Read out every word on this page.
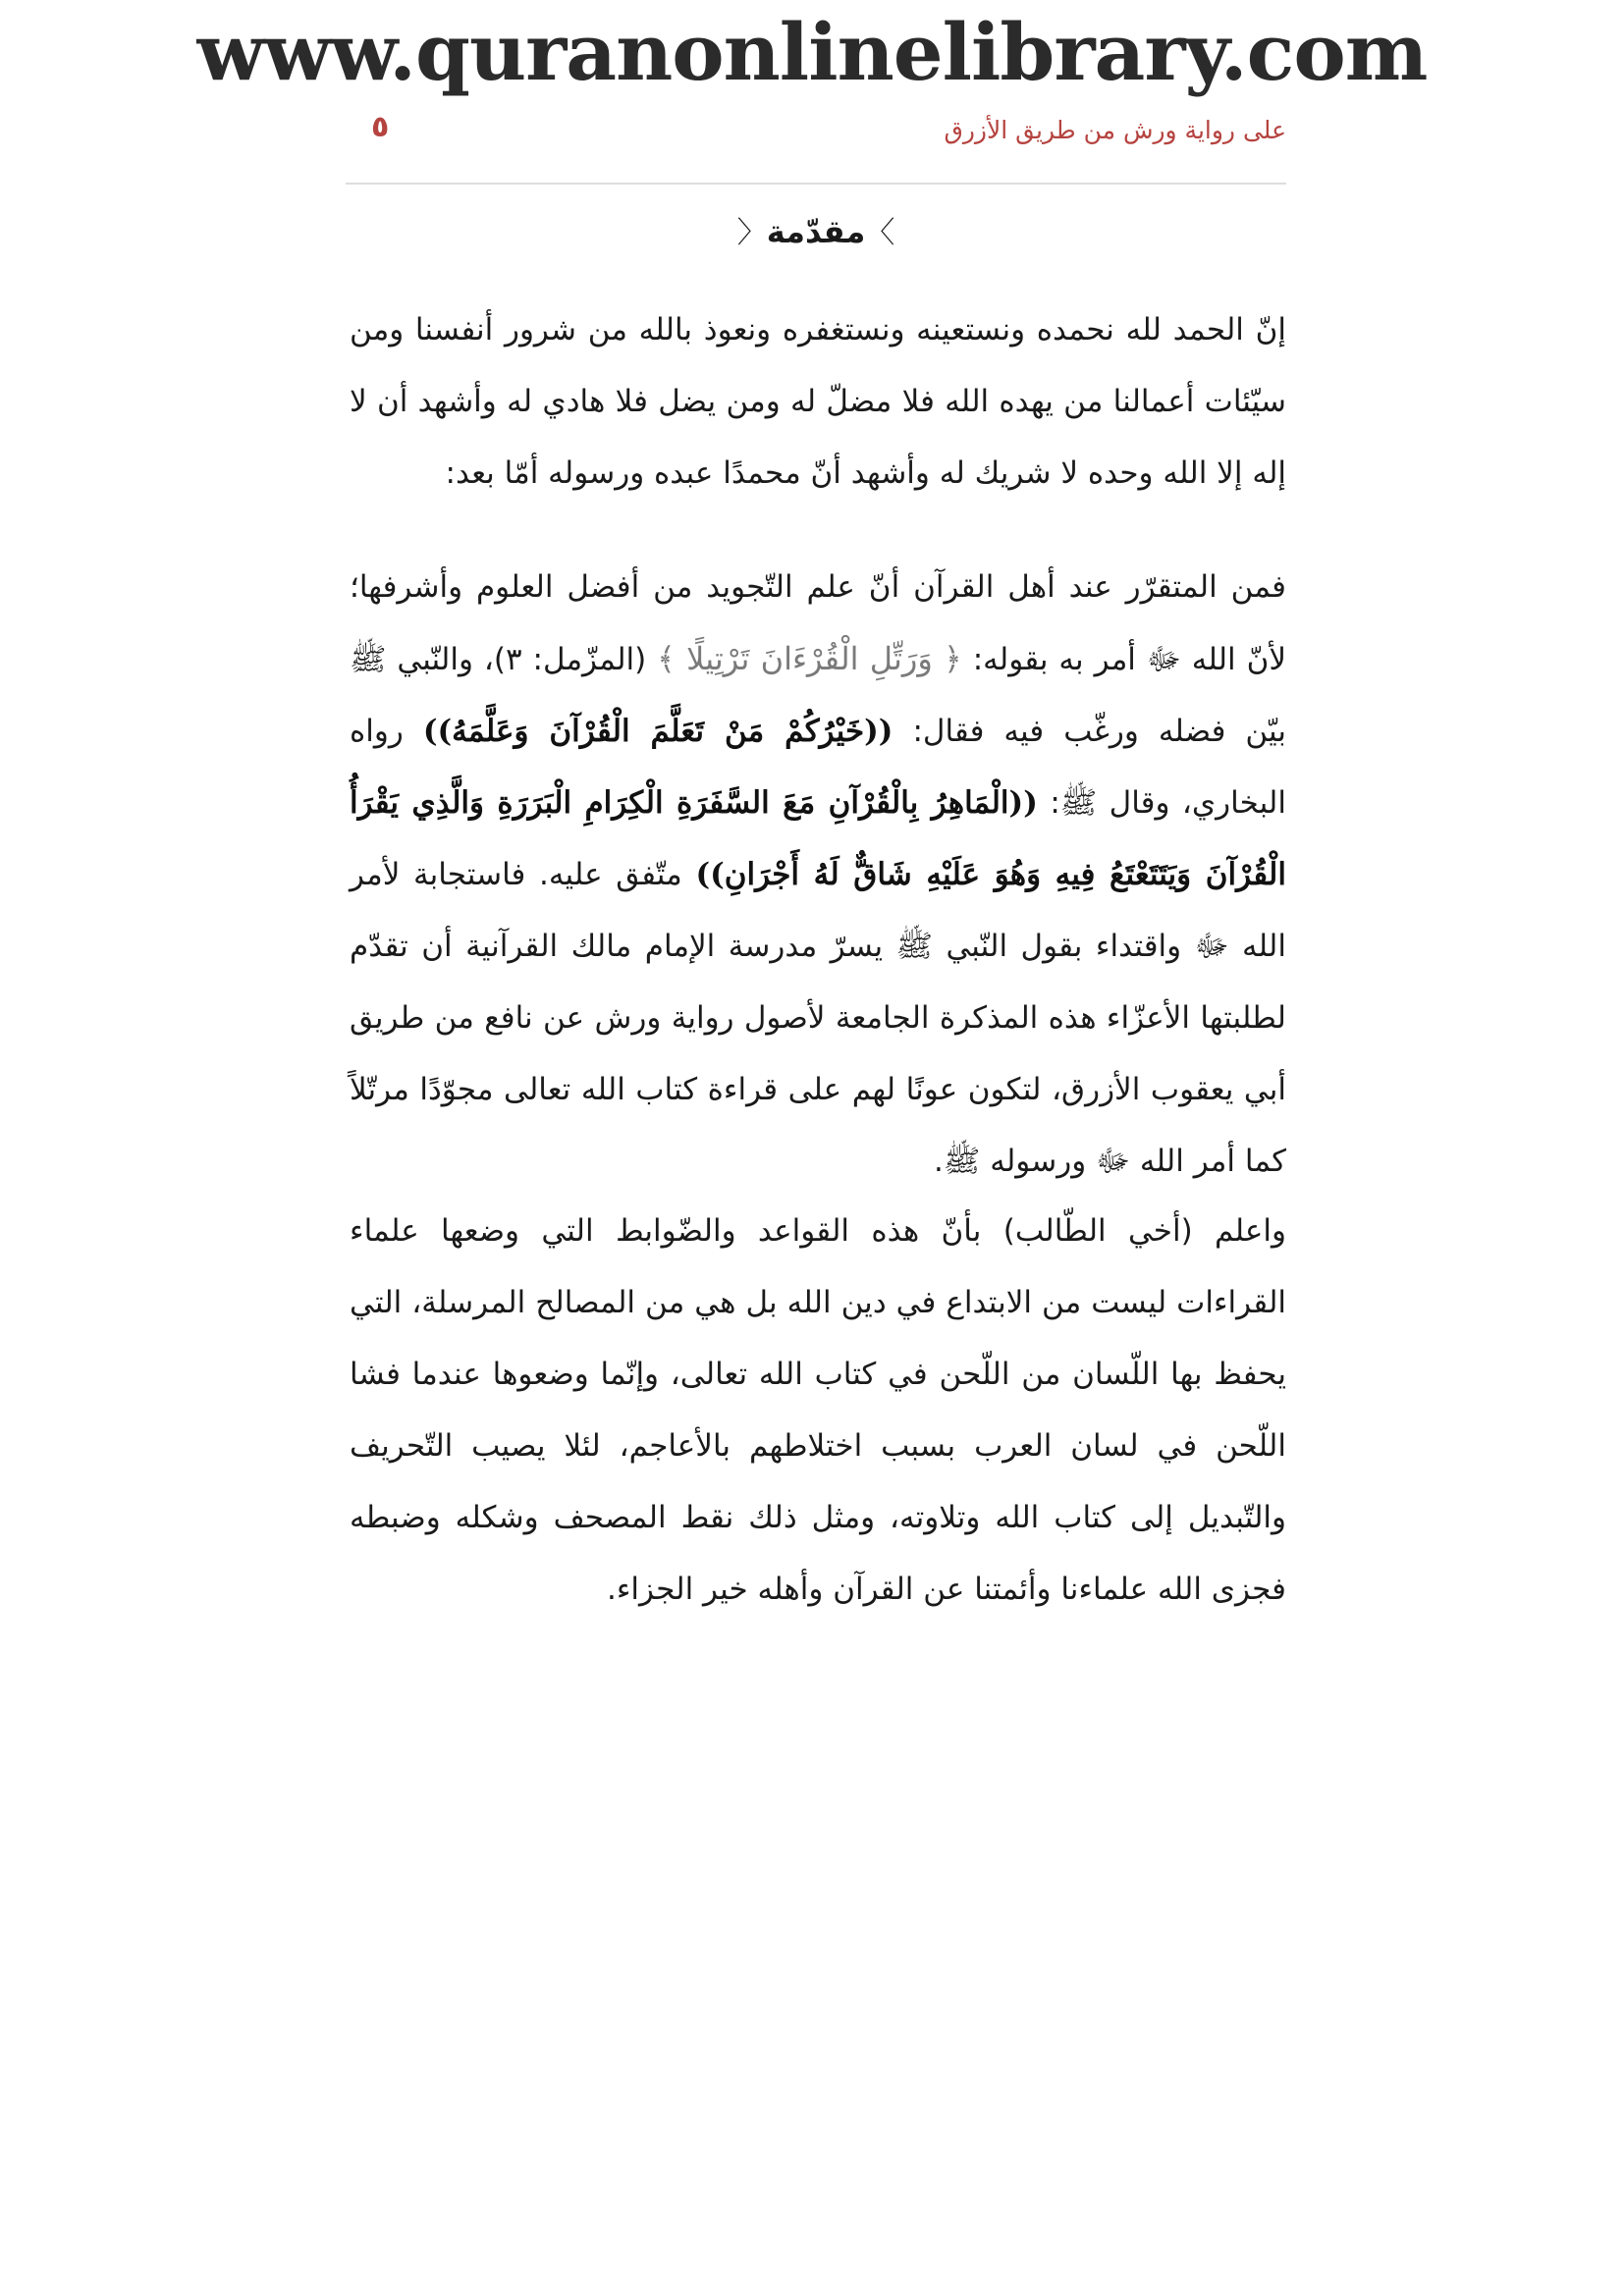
www.quranonlinelibrary.com
على رواية ورش من طريق الأزرق
٥
〉مقدّمة〈
إنّ الحمد لله نحمده ونستعينه ونستغفره ونعوذ بالله من شرور أنفسنا ومن سيّئات أعمالنا من يهده الله فلا مضلّ له ومن يضل فلا هادي له وأشهد أن لا إله إلا الله وحده لا شريك له وأشهد أنّ محمدًا عبده ورسوله أمّا بعد:
فمن المتقرّر عند أهل القرآن أنّ علم التّجويد من أفضل العلوم وأشرفها؛ لأنّ الله ﷻ أمر به بقوله: ﴿ وَرَتِّلِ الْقُرْءَانَ تَرْتِيلًا ﴾ (المزّمل: ٣)، والنّبي ﷺ بيّن فضله ورغّب فيه فقال: ((خَيْرُكُمْ مَنْ تَعَلَّمَ الْقُرْآنَ وَعَلَّمَهُ)) رواه البخاري، وقال ﷺ: ((الْمَاهِرُ بِالْقُرْآنِ مَعَ السَّفَرَةِ الْكِرَامِ الْبَرَرَةِ وَالَّذِي يَقْرَأُ الْقُرْآنَ وَيَتَتَعْتَعُ فِيهِ وَهُوَ عَلَيْهِ شَاقٌّ لَهُ أَجْرَانِ)) متّفق عليه. فاستجابة لأمر الله ﷻ واقتداء بقول النّبي ﷺ يسرّ مدرسة الإمام مالك القرآنية أن تقدّم لطلبتها الأعزّاء هذه المذكرة الجامعة لأصول رواية ورش عن نافع من طريق أبي يعقوب الأزرق، لتكون عونًا لهم على قراءة كتاب الله تعالى مجوّدًا مرتّلاً كما أمر الله ﷻ ورسوله ﷺ.
واعلم (أخي الطّالب) بأنّ هذه القواعد والضّوابط التي وضعها علماء القراءات ليست من الابتداع في دين الله بل هي من المصالح المرسلة، التي يحفظ بها اللّسان من اللّحن في كتاب الله تعالى، وإنّما وضعوها عندما فشا اللّحن في لسان العرب بسبب اختلاطهم بالأعاجم، لئلا يصيب التّحريف والتّبديل إلى كتاب الله وتلاوته، ومثل ذلك نقط المصحف وشكله وضبطه فجزى الله علماءنا وأئمتنا عن القرآن وأهله خير الجزاء.
